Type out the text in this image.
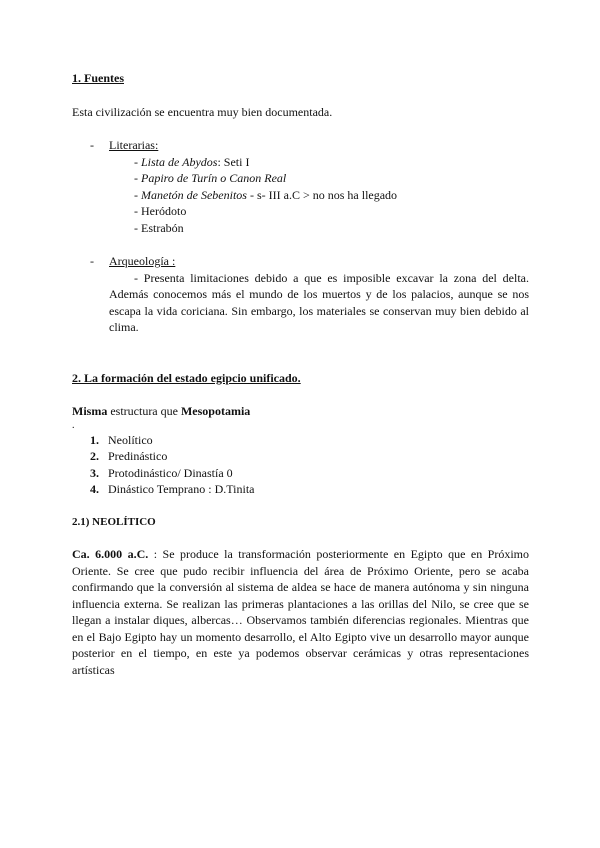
1. Fuentes

Esta civilización se encuentra muy bien documentada.

- Literarias:
- Lista de Abydos: Seti I
- Papiro de Turín o Canon Real
- Manetón de Sebenitos - s- III a.C > no nos ha llegado
- Heródoto
- Estrabón
- Arqueología :

- Presenta limitaciones debido a que es imposible excavar la zona del delta. Además conocemos más el mundo de los muertos y de los palacios, aunque se nos escapa la vida coriciana. Sin embargo, los materiales se conservan muy bien debido al clima.

2. La formación del estado egipcio unificado.

Misma estructura que Mesopotamia

.

1. Neolítico
2. Predinástico
3. Protodinástico/ Dinastía 0
4. Dinástico Temprano : D.Tinita

2.1) NEOLÍTICO

Ca. 6.000 a.C. : Se produce la transformación posteriormente en Egipto que en Próximo Oriente. Se cree que pudo recibir influencia del área de Próximo Oriente, pero se acaba confirmando que la conversión al sistema de aldea se hace de manera autónoma y sin ninguna influencia externa. Se realizan las primeras plantaciones a las orillas del Nilo, se cree que se llegan a instalar diques, albercas… Observamos también diferencias regionales. Mientras que en el Bajo Egipto hay un momento desarrollo, el Alto Egipto vive un desarrollo mayor aunque posterior en el tiempo, en este ya podemos observar cerámicas y otras representaciones artísticas
